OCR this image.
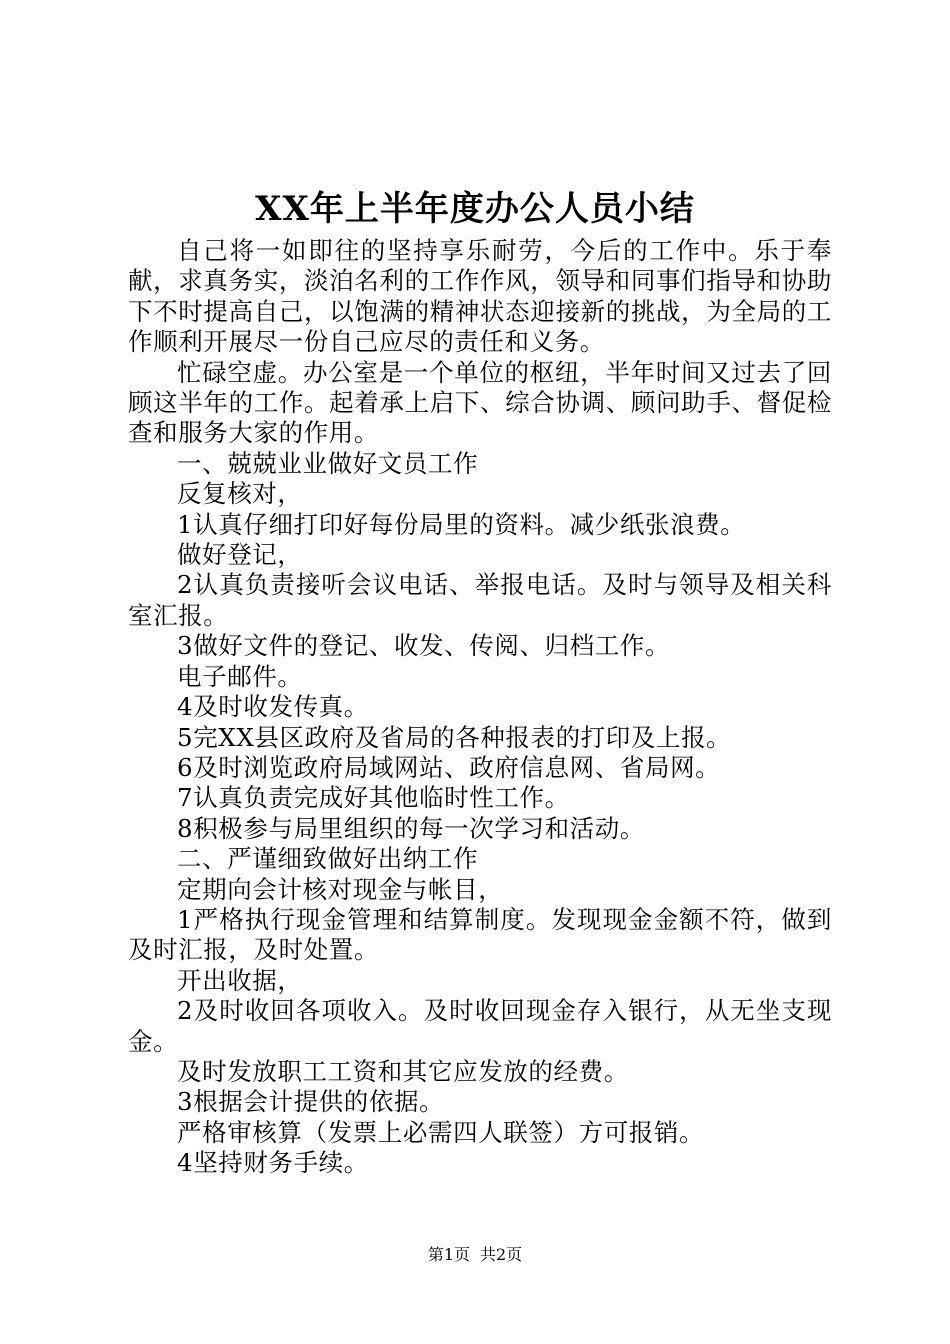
XX年上半年度办公人员小结

自己将一如即往的坚持享乐耐劳，今后的工作中。乐于奉献，求真务实，淡泊名利的工作作风，领导和同事们指导和协助下不时提高自己，以饱满的精神状态迎接新的挑战，为全局的工作顺利开展尽一份自己应尽的责任和义务。

忙碌空虚。办公室是一个单位的枢纽，半年时间又过去了回顾这半年的工作。起着承上启下、综合协调、顾问助手、督促检查和服务大家的作用。

一、兢兢业业做好文员工作

反复核对，

1认真仔细打印好每份局里的资料。减少纸张浪费。

做好登记，

2认真负责接听会议电话、举报电话。及时与领导及相关科室汇报。

3做好文件的登记、收发、传阅、归档工作。

电子邮件。

4及时收发传真。

5完XX县区政府及省局的各种报表的打印及上报。

6及时浏览政府局域网站、政府信息网、省局网。

7认真负责完成好其他临时性工作。

8积极参与局里组织的每一次学习和活动。

二、严谨细致做好出纳工作

定期向会计核对现金与帐目，

1严格执行现金管理和结算制度。发现现金金额不符，做到及时汇报，及时处置。

开出收据，

2及时收回各项收入。及时收回现金存入银行，从无坐支现金。

及时发放职工工资和其它应发放的经费。

3根据会计提供的依据。

严格审核算（发票上必需四人联签）方可报销。

4坚持财务手续。

第1页 共2页
